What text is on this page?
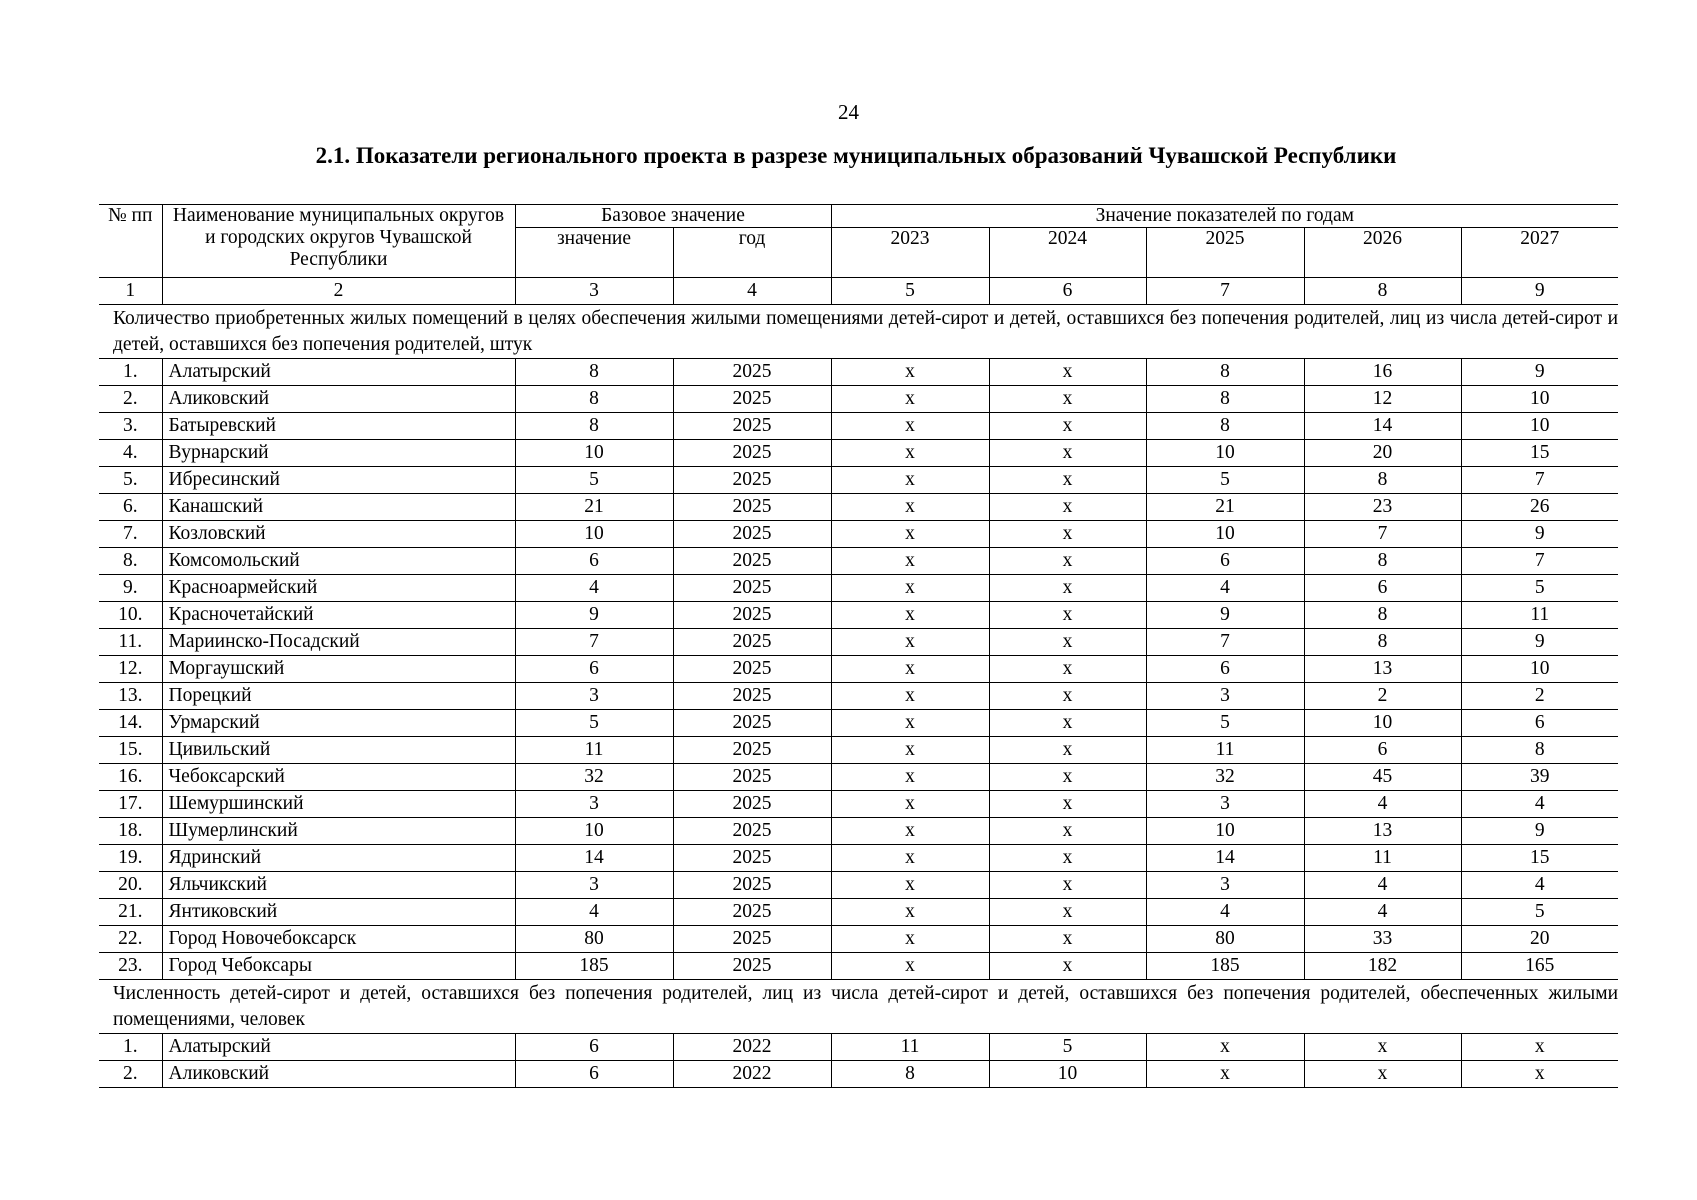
24
2.1. Показатели регионального проекта в разрезе муниципальных образований Чувашской Республики
№ пп	Наименование муниципальных округов и городских округов Чувашской Республики	Базовое значение		Значение показателей по годам				
		значение	год	2023	2024	2025	2026	2027
1	2	3	4	5	6	7	8	9
Количество приобретенных жилых помещений в целях обеспечения жилыми помещениями детей-сирот и детей, оставшихся без попечения родителей, лиц из числа детей-сирот и детей, оставшихся без попечения родителей, штук								
1.	Алатырский	8	2025	x	x	8	16	9
2.	Аликовский	8	2025	x	x	8	12	10
3.	Батыревский	8	2025	x	x	8	14	10
4.	Вурнарский	10	2025	x	x	10	20	15
5.	Ибресинский	5	2025	x	x	5	8	7
6.	Канашский	21	2025	x	x	21	23	26
7.	Козловский	10	2025	x	x	10	7	9
8.	Комсомольский	6	2025	x	x	6	8	7
9.	Красноармейский	4	2025	x	x	4	6	5
10.	Красночетайский	9	2025	x	x	9	8	11
11.	Мариинско-Посадский	7	2025	x	x	7	8	9
12.	Моргаушский	6	2025	x	x	6	13	10
13.	Порецкий	3	2025	x	x	3	2	2
14.	Урмарский	5	2025	x	x	5	10	6
15.	Цивильский	11	2025	x	x	11	6	8
16.	Чебоксарский	32	2025	x	x	32	45	39
17.	Шемуршинский	3	2025	x	x	3	4	4
18.	Шумерлинский	10	2025	x	x	10	13	9
19.	Ядринский	14	2025	x	x	14	11	15
20.	Яльчикский	3	2025	x	x	3	4	4
21.	Янтиковский	4	2025	x	x	4	4	5
22.	Город Новочебоксарск	80	2025	x	x	80	33	20
23.	Город Чебоксары	185	2025	x	x	185	182	165
Численность детей-сирот и детей, оставшихся без попечения родителей, лиц из числа детей-сирот и детей, оставшихся без попечения родителей, обеспеченных жилыми помещениями, человек								
1.	Алатырский	6	2022	11	5	x	x	x
2.	Аликовский	6	2022	8	10	x	x	x
